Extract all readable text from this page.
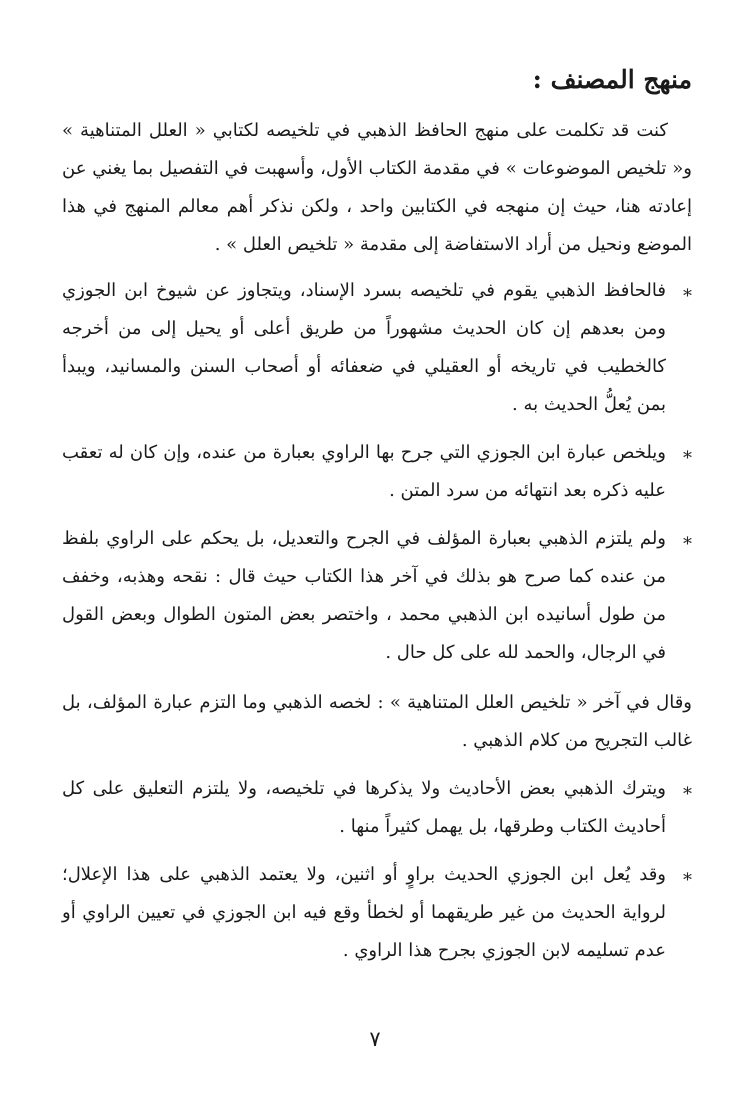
منهج المصنف :

كنت قد تكلمت على منهج الحافظ الذهبي في تلخيصه لكتابي « العلل المتناهية » و« تلخيص الموضوعات » في مقدمة الكتاب الأول، وأسهبت في التفصيل بما يغني عن إعادته هنا، حيث إن منهجه في الكتابين واحد ، ولكن نذكر أهم معالم المنهج في هذا الموضع ونحيل من أراد الاستفاضة إلى مقدمة « تلخيص العلل » .

⁎
فالحافظ الذهبي يقوم في تلخيصه بسرد الإسناد، ويتجاوز عن شيوخ ابن الجوزي ومن بعدهم إن كان الحديث مشهوراً من طريق أعلى أو يحيل إلى من أخرجه كالخطيب في تاريخه أو العقيلي في ضعفائه أو أصحاب السنن والمسانيد، ويبدأ بمن يُعلُّ الحديث به .
⁎
ويلخص عبارة ابن الجوزي التي جرح بها الراوي بعبارة من عنده، وإن كان له تعقب عليه ذكره بعد انتهائه من سرد المتن .
⁎
ولم يلتزم الذهبي بعبارة المؤلف في الجرح والتعديل، بل يحكم على الراوي بلفظ من عنده كما صرح هو بذلك في آخر هذا الكتاب حيث قال : نقحه وهذبه، وخفف من طول أسانيده ابن الذهبي محمد ، واختصر بعض المتون الطوال وبعض القول في الرجال، والحمد لله على كل حال .

وقال في آخر « تلخيص العلل المتناهية » : لخصه الذهبي وما التزم عبارة المؤلف، بل غالب التجريح من كلام الذهبي .

⁎
ويترك الذهبي بعض الأحاديث ولا يذكرها في تلخيصه، ولا يلتزم التعليق على كل أحاديث الكتاب وطرقها، بل يهمل كثيراً منها .
⁎
وقد يُعل ابن الجوزي الحديث براوٍ أو اثنين، ولا يعتمد الذهبي على هذا الإعلال؛ لرواية الحديث من غير طريقهما أو لخطأ وقع فيه ابن الجوزي في تعيين الراوي أو عدم تسليمه لابن الجوزي بجرح هذا الراوي .
٧
